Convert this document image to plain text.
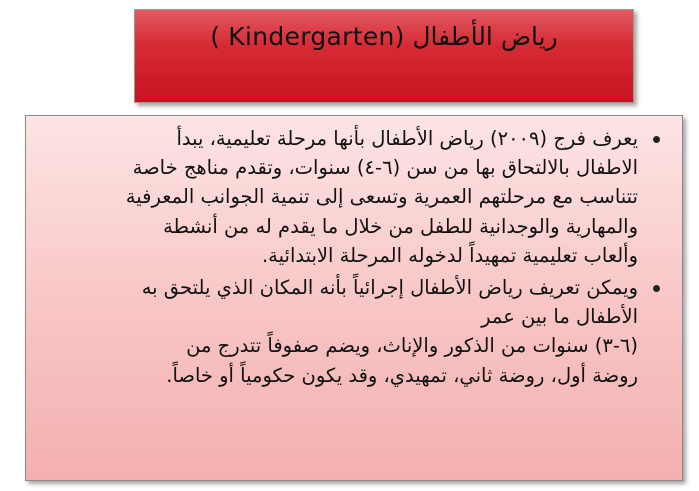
رياض الأطفال (Kindergarten )
يعرف فرج (٢٠٠٩) رياض الأطفال بأنها مرحلة تعليمية، يبدأ
الاطفال بالالتحاق بها من سن (٦-٤) سنوات، وتقدم مناهج خاصة
تتناسب مع مرحلتهم العمرية وتسعى إلى تنمية الجوانب المعرفية
والمهارية والوجدانية للطفل من خلال ما يقدم له من أنشطة
وألعاب تعليمية تمهيداً لدخوله المرحلة الابتدائية.
ويمكن تعريف رياض الأطفال إجرائياً بأنه المكان الذي يلتحق به
الأطفال ما بين عمر
(٦-٣) سنوات من الذكور والإناث، ويضم صفوفاً تتدرج من
روضة أول، روضة ثاني، تمهيدي، وقد يكون حكومياً أو خاصاً.
